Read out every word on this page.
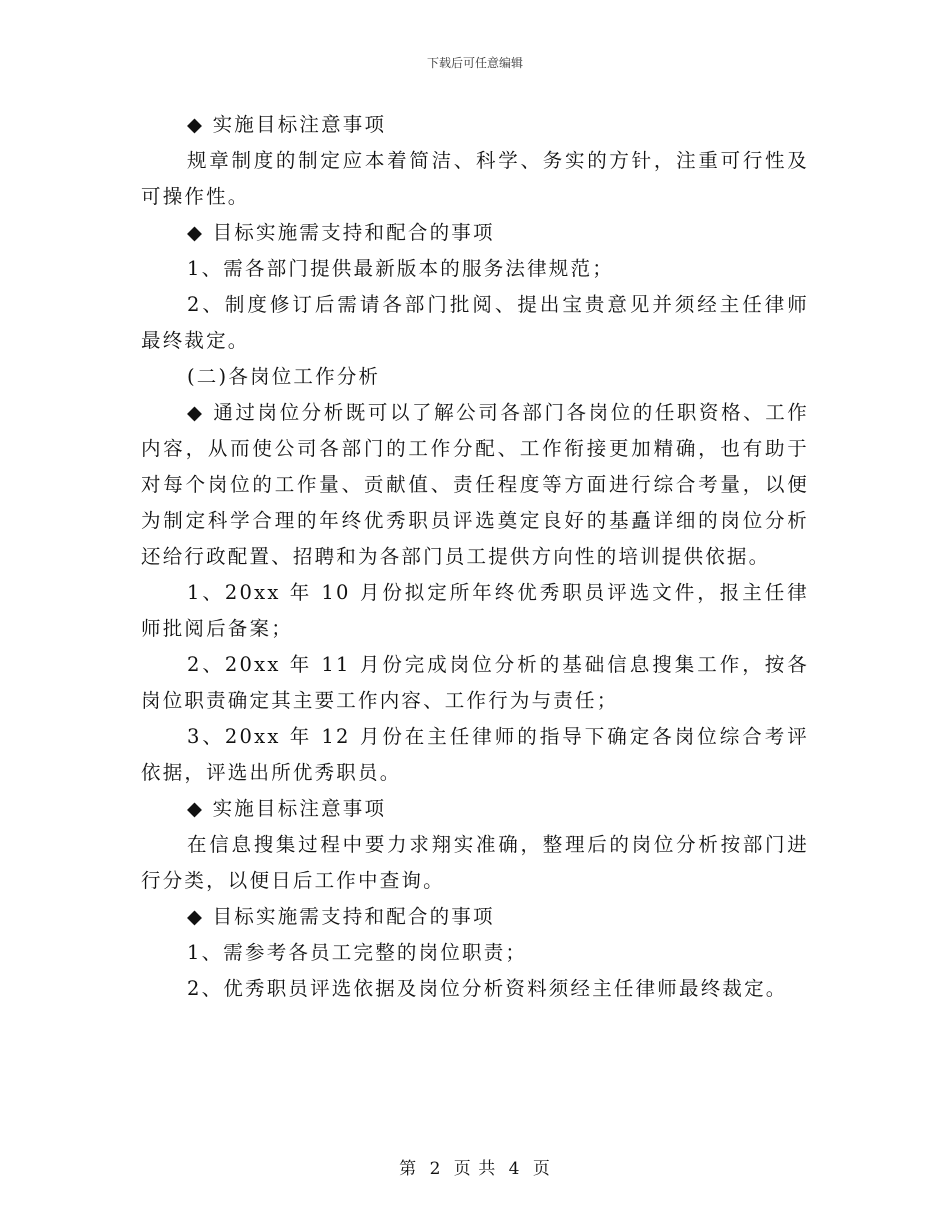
下载后可任意编辑

◆ 实施目标注意事项

规章制度的制定应本着简洁、科学、务实的方针，注重可行性及可操作性。

◆ 目标实施需支持和配合的事项

1、需各部门提供最新版本的服务法律规范；

2、制度修订后需请各部门批阅、提出宝贵意见并须经主任律师最终裁定。

(二)各岗位工作分析

◆ 通过岗位分析既可以了解公司各部门各岗位的任职资格、工作内容，从而使公司各部门的工作分配、工作衔接更加精确，也有助于对每个岗位的工作量、贡献值、责任程度等方面进行综合考量，以便为制定科学合理的年终优秀职员评选奠定良好的基矗详细的岗位分析还给行政配置、招聘和为各部门员工提供方向性的培训提供依据。

1、20xx 年 10 月份拟定所年终优秀职员评选文件，报主任律师批阅后备案；

2、20xx 年 11 月份完成岗位分析的基础信息搜集工作，按各岗位职责确定其主要工作内容、工作行为与责任；

3、20xx 年 12 月份在主任律师的指导下确定各岗位综合考评依据，评选出所优秀职员。

◆ 实施目标注意事项

在信息搜集过程中要力求翔实准确，整理后的岗位分析按部门进行分类，以便日后工作中查询。

◆ 目标实施需支持和配合的事项

1、需参考各员工完整的岗位职责；

2、优秀职员评选依据及岗位分析资料须经主任律师最终裁定。

第 2 页 共 4 页
